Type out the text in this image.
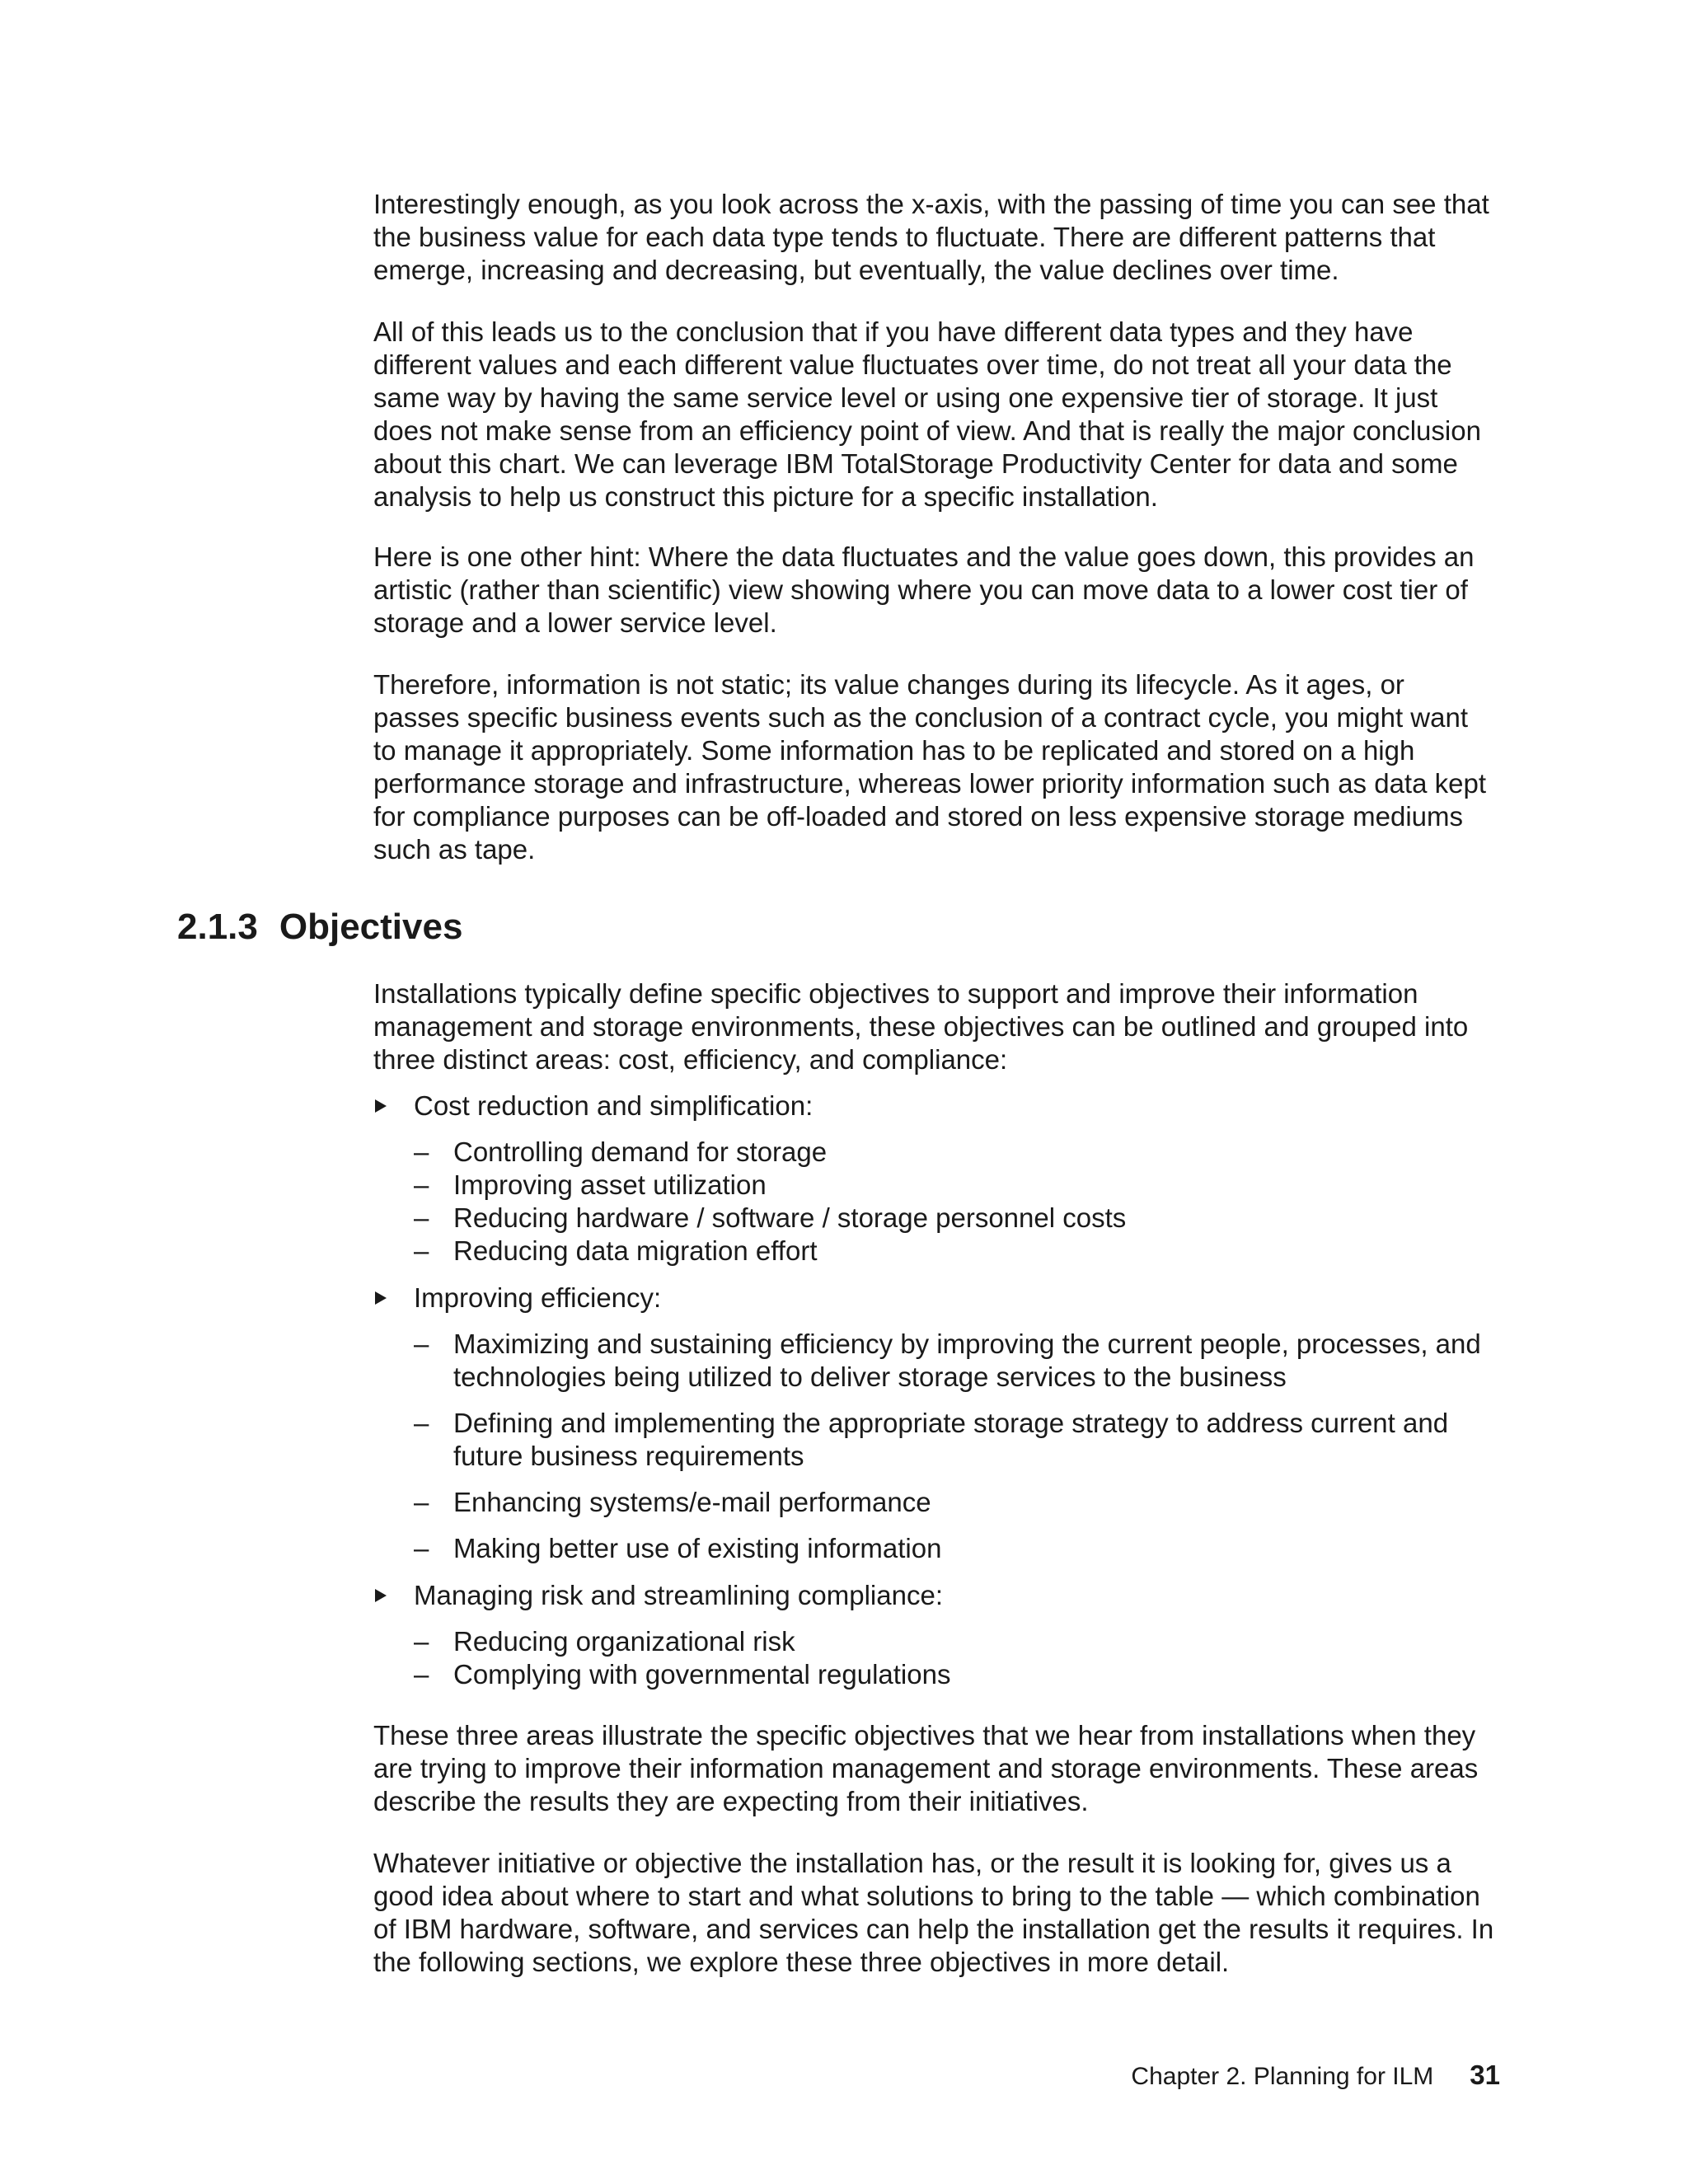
Interestingly enough, as you look across the x-axis, with the passing of time you can see that the business value for each data type tends to fluctuate. There are different patterns that emerge, increasing and decreasing, but eventually, the value declines over time.

All of this leads us to the conclusion that if you have different data types and they have different values and each different value fluctuates over time, do not treat all your data the same way by having the same service level or using one expensive tier of storage. It just does not make sense from an efficiency point of view. And that is really the major conclusion about this chart. We can leverage IBM TotalStorage Productivity Center for data and some analysis to help us construct this picture for a specific installation.

Here is one other hint: Where the data fluctuates and the value goes down, this provides an artistic (rather than scientific) view showing where you can move data to a lower cost tier of storage and a lower service level.

Therefore, information is not static; its value changes during its lifecycle. As it ages, or passes specific business events such as the conclusion of a contract cycle, you might want to manage it appropriately. Some information has to be replicated and stored on a high performance storage and infrastructure, whereas lower priority information such as data kept for compliance purposes can be off-loaded and stored on less expensive storage mediums such as tape.

2.1.3 Objectives

Installations typically define specific objectives to support and improve their information management and storage environments, these objectives can be outlined and grouped into three distinct areas: cost, efficiency, and compliance:

Cost reduction and simplification:
– Controlling demand for storage
– Improving asset utilization
– Reducing hardware / software / storage personnel costs
– Reducing data migration effort
Improving efficiency:
– Maximizing and sustaining efficiency by improving the current people, processes, and technologies being utilized to deliver storage services to the business
– Defining and implementing the appropriate storage strategy to address current and future business requirements
– Enhancing systems/e-mail performance
– Making better use of existing information
Managing risk and streamlining compliance:
– Reducing organizational risk
– Complying with governmental regulations

These three areas illustrate the specific objectives that we hear from installations when they are trying to improve their information management and storage environments. These areas describe the results they are expecting from their initiatives.

Whatever initiative or objective the installation has, or the result it is looking for, gives us a good idea about where to start and what solutions to bring to the table — which combination of IBM hardware, software, and services can help the installation get the results it requires. In the following sections, we explore these three objectives in more detail.

Chapter 2. Planning for ILM 31
